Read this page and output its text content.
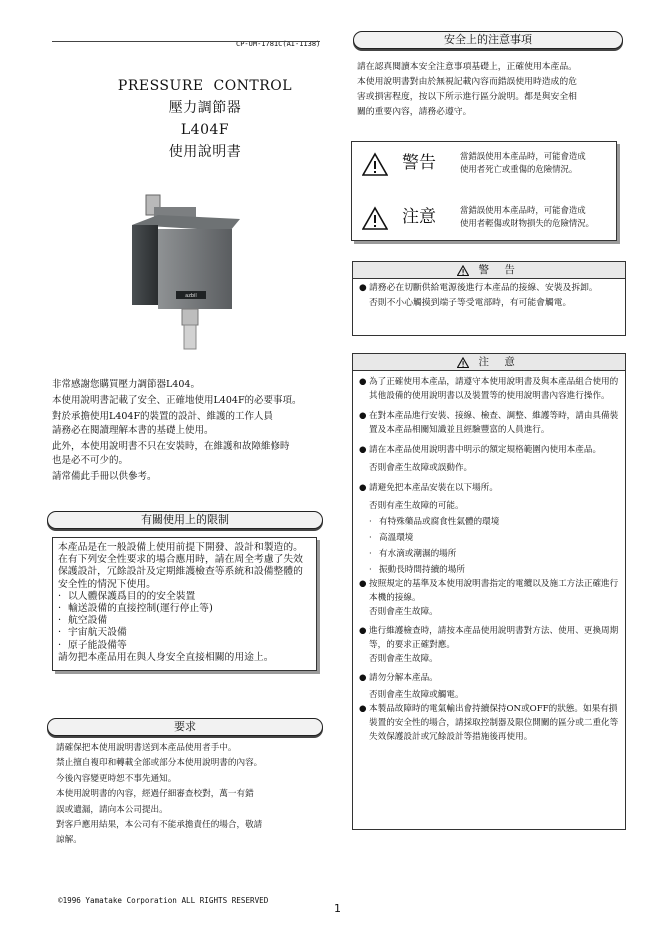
CP-UM-1781C(AI-1138)
PRESSURE  CONTROL
壓力調節器
L404F
使用說明書
azbil
非常感謝您購買壓力調節器L404。
本使用說明書記載了安全、正確地使用L404F的必要事項。
對於承擔使用L404F的裝置的設計、維護的工作人員
請務必在閱讀理解本書的基礎上使用。
此外，本使用說明書不只在安裝時，在維護和故障維修時
也是必不可少的。
請常備此手冊以供參考。
有關使用上的限制
本產品是在一般設備上使用前提下開發、設計和製造的。
在有下列安全性要求的場合應用時，請在周全考慮了失效保護設計，冗餘設計及定期維護檢查等系統和設備整體的安全性的情況下使用。
· 以人體保護爲目的的安全裝置
· 輸送設備的直接控制(運行停止等)
· 航空設備
· 宇宙航天設備
· 原子能設備等
請勿把本產品用在與人身安全直接相關的用途上。
要求
請確保把本使用說明書送到本產品使用者手中。
禁止擅自複印和轉載全部或部分本使用說明書的內容。
今後內容變更時恕不事先通知。
本使用說明書的內容，經過仔細審查校對，萬一有錯
誤或遺漏，請向本公司提出。
對客戶應用結果，本公司有不能承擔責任的場合，敬請
諒解。
©1996 Yamatake Corporation ALL RIGHTS RESERVED
1
安全上的注意事項
請在認真閱讀本安全注意事項基礎上，正確使用本產品。
本使用說明書對由於無視記載內容而錯誤使用時造成的危
害或損害程度，按以下所示進行區分說明。都是與安全相
關的重要內容，請務必遵守。
警告	當錯誤使用本產品時，可能會造成
使用者死亡或重傷的危險情況。
注意	當錯誤使用本產品時，可能會造成
使用者輕傷或財物損失的危險情況。
警 告
● 請務必在切斷供給電源後進行本產品的接線、安裝及拆卸。
否則不小心觸摸到端子等受電部時，有可能會觸電。
注 意
● 為了正確使用本產品，請遵守本使用說明書及與本產品組合使用的其他設備的使用說明書以及裝置等的使用說明書內容進行操作。
● 在對本產品進行安裝、接線、檢查、調整、維護等時，請由具備裝置及本產品相關知識並且經驗豐富的人員進行。
● 請在本產品使用說明書中明示的額定規格範圍內使用本產品。
否則會產生故障或誤動作。
● 請避免把本產品安裝在以下場所。
否則有產生故障的可能。
· 有特殊藥品或腐食性氣體的環境
· 高溫環境
· 有水滴或潮濕的場所
· 振動長時間持續的場所
● 按照規定的基準及本使用說明書指定的電纜以及施工方法正確進行本機的接線。
否則會產生故障。
● 進行維護檢查時，請按本產品使用說明書對方法、使用、更換周期等，的要求正確對應。
否則會產生故障。
● 請勿分解本產品。
否則會產生故障或觸電。
● 本製品故障時的電氣輸出會持續保持ON或OFF的狀態。如果有損裝置的安全性的場合，請採取控制器及限位開關的區分或二重化等失效保護設計或冗餘設計等措施後再使用。
